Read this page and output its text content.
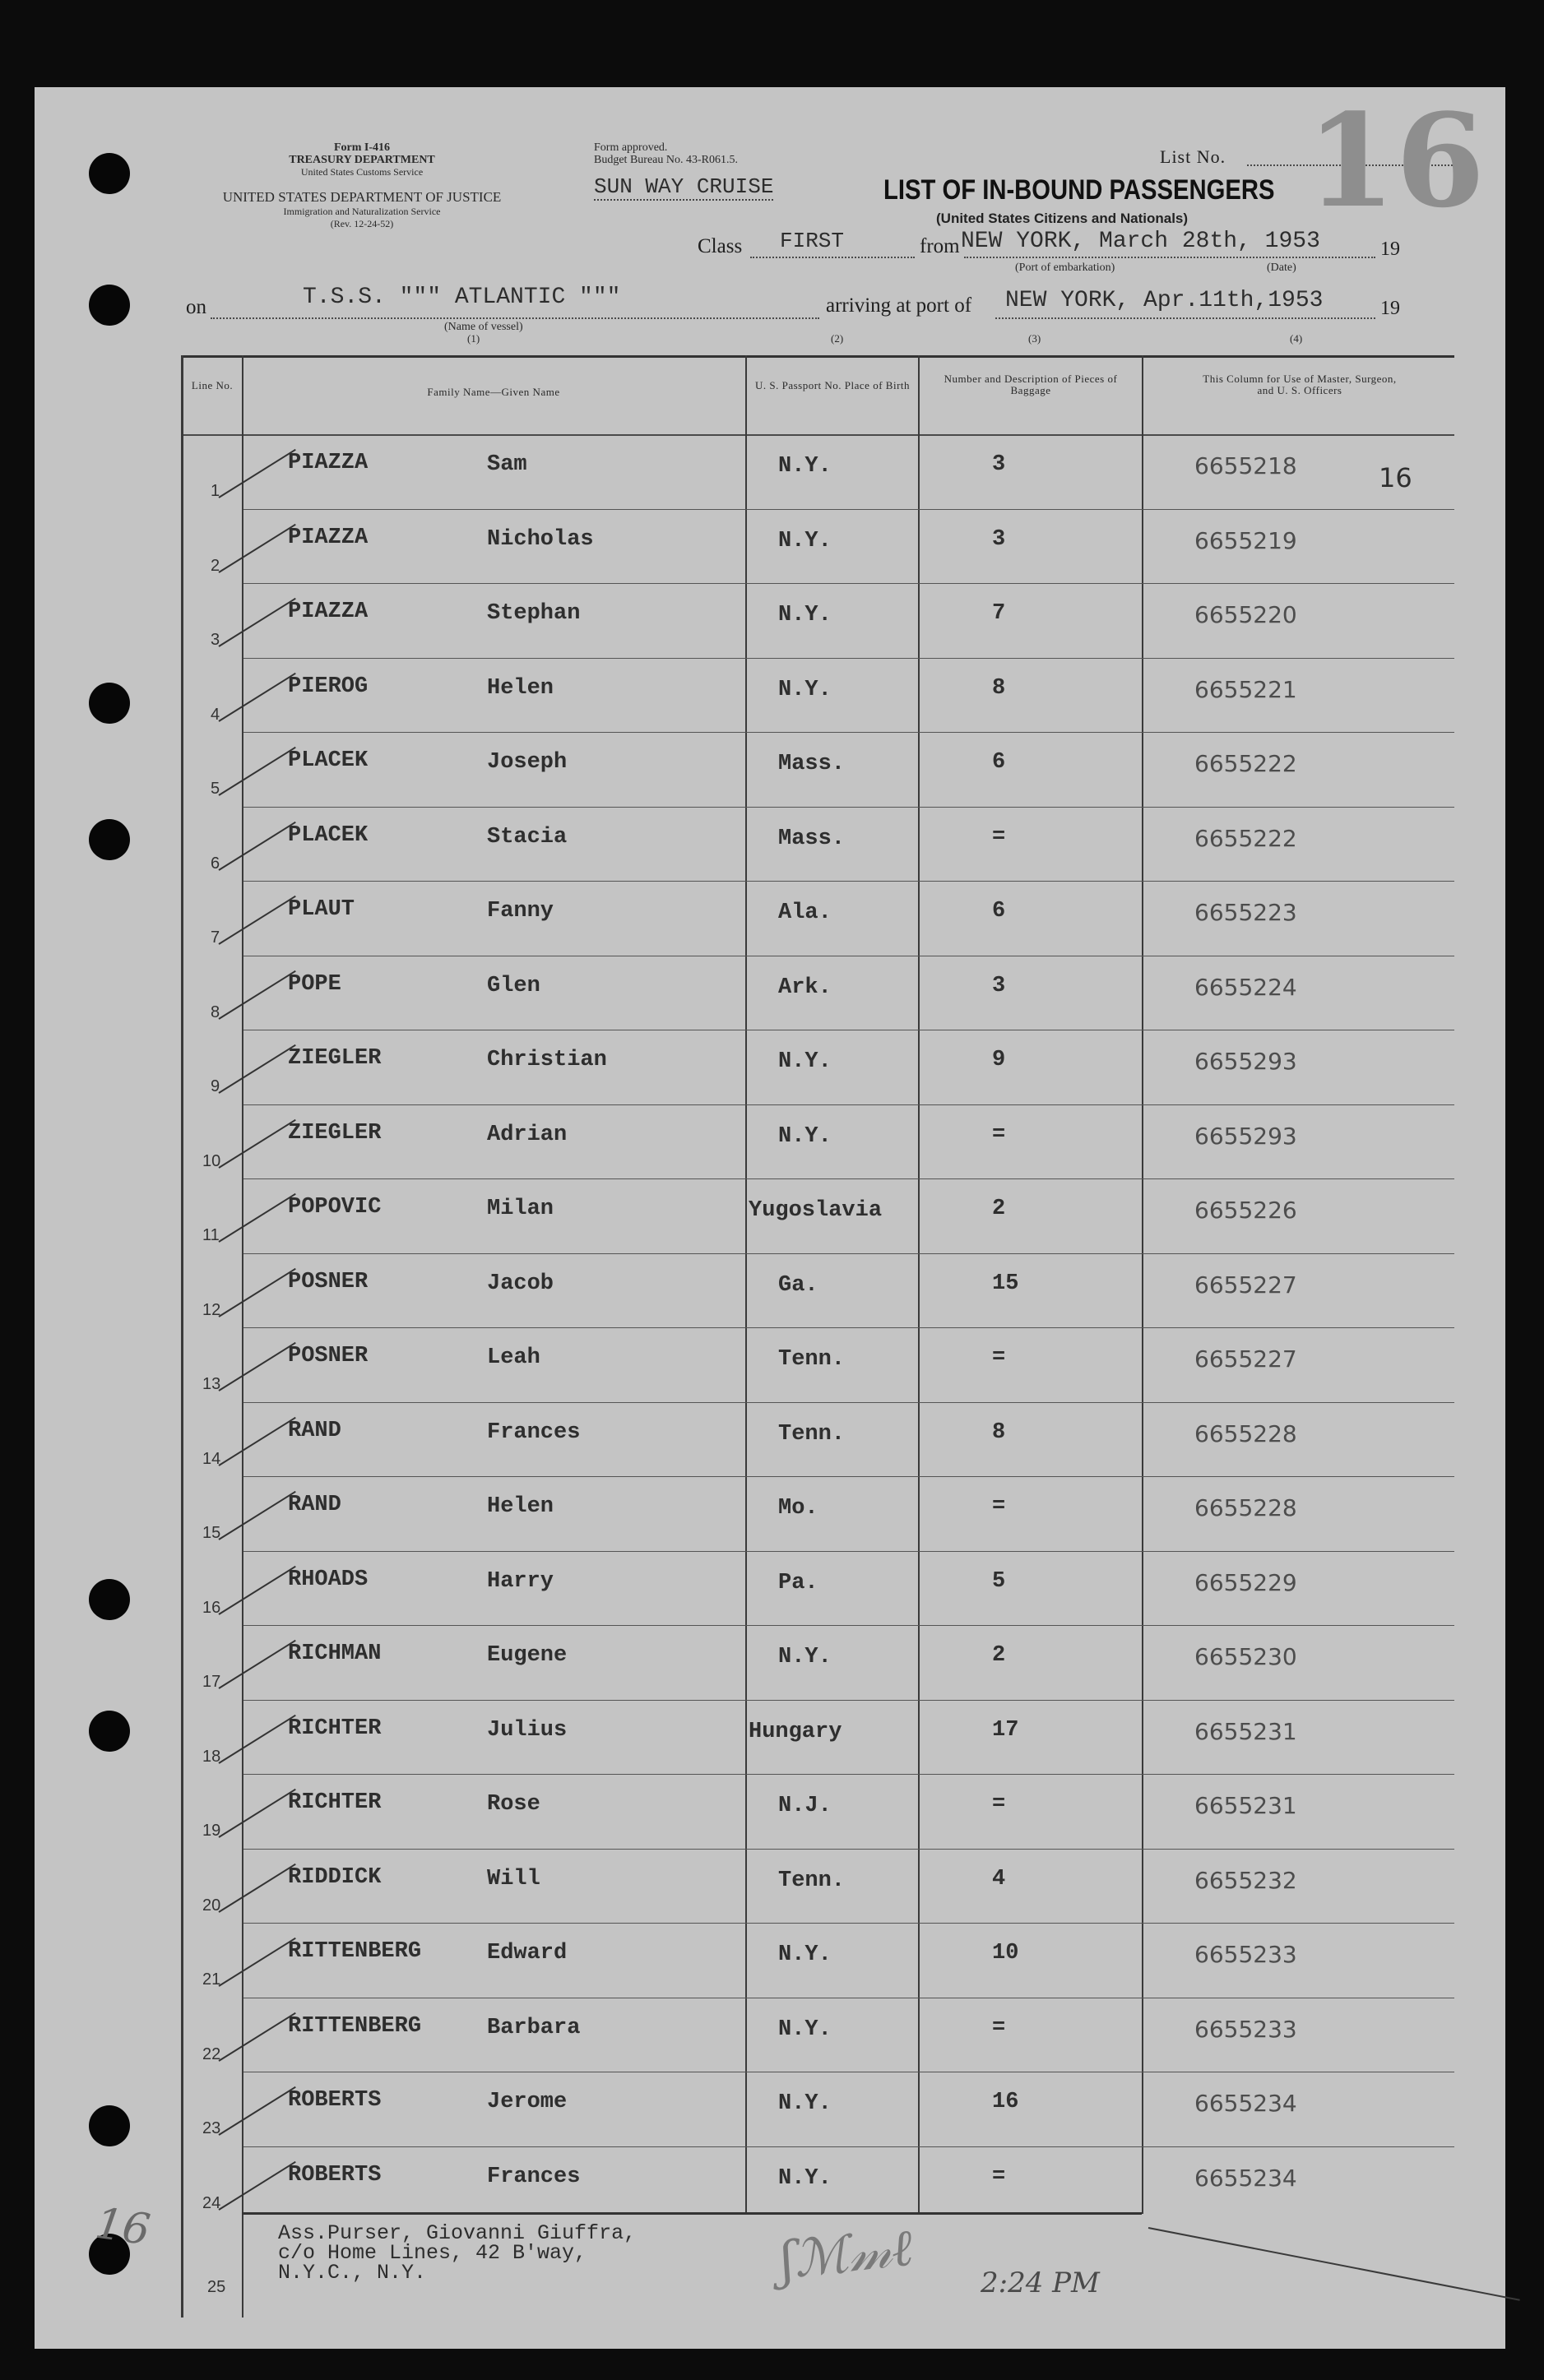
Form I-416
TREASURY DEPARTMENT
United States Customs Service
UNITED STATES DEPARTMENT OF JUSTICE
Immigration and Naturalization Service
(Rev. 12-24-52)
Form approved.
Budget Bureau No. 43-R061.5.
SUN WAY CRUISE	LIST OF IN-BOUND PASSENGERS
(United States Citizens and Nationals)
List No. 16
Class FIRST	from NEW YORK, March 28th, 1953	19
(Port of embarkation)	(Date)
on	T.S.S. """ ATLANTIC """
(Name of vessel)
(1)
arriving at port of NEW YORK, Apr.11th,1953	19
(2)	(3)	(4)
Line No.
Family Name—Given Name
U. S. Passport No. Place of Birth
Number and Description of Pieces of Baggage
This Column for Use of Master, Surgeon, and U. S. Officers
1
PIAZZA	Sam	N.Y.	3	6655218	16
2
PIAZZA	Nicholas	N.Y.	3	6655219
3
PIAZZA	Stephan	N.Y.	7	6655220
4
PIEROG	Helen	N.Y.	8	6655221
5
PLACEK	Joseph	Mass.	6	6655222
6
PLACEK	Stacia	Mass.	=	6655222
7
PLAUT	Fanny	Ala.	6	6655223
8
POPE	Glen	Ark.	3	6655224
9
ZIEGLER	Christian	N.Y.	9	6655293
10
ZIEGLER	Adrian	N.Y.	=	6655293
11
POPOVIC	Milan	Yugoslavia	2	6655226
12
POSNER	Jacob	Ga.	15	6655227
13
POSNER	Leah	Tenn.	=	6655227
14
RAND	Frances	Tenn.	8	6655228
15
RAND	Helen	Mo.	=	6655228
16
RHOADS	Harry	Pa.	5	6655229
17
RICHMAN	Eugene	N.Y.	2	6655230
18
RICHTER	Julius	Hungary	17	6655231
19
RICHTER	Rose	N.J.	=	6655231
20
RIDDICK	Will	Tenn.	4	6655232
21
RITTENBERG	Edward	N.Y.	10	6655233
22
RITTENBERG	Barbara	N.Y.	=	6655233
23
ROBERTS	Jerome	N.Y.	16	6655234
24
ROBERTS	Frances	N.Y.	=	6655234
25
Ass.Purser, Giovanni Giuffra,
c/o Home Lines, 42 B'way,
N.Y.C., N.Y.	ʃℳ𝓂ℓ 2:24 PM
16
